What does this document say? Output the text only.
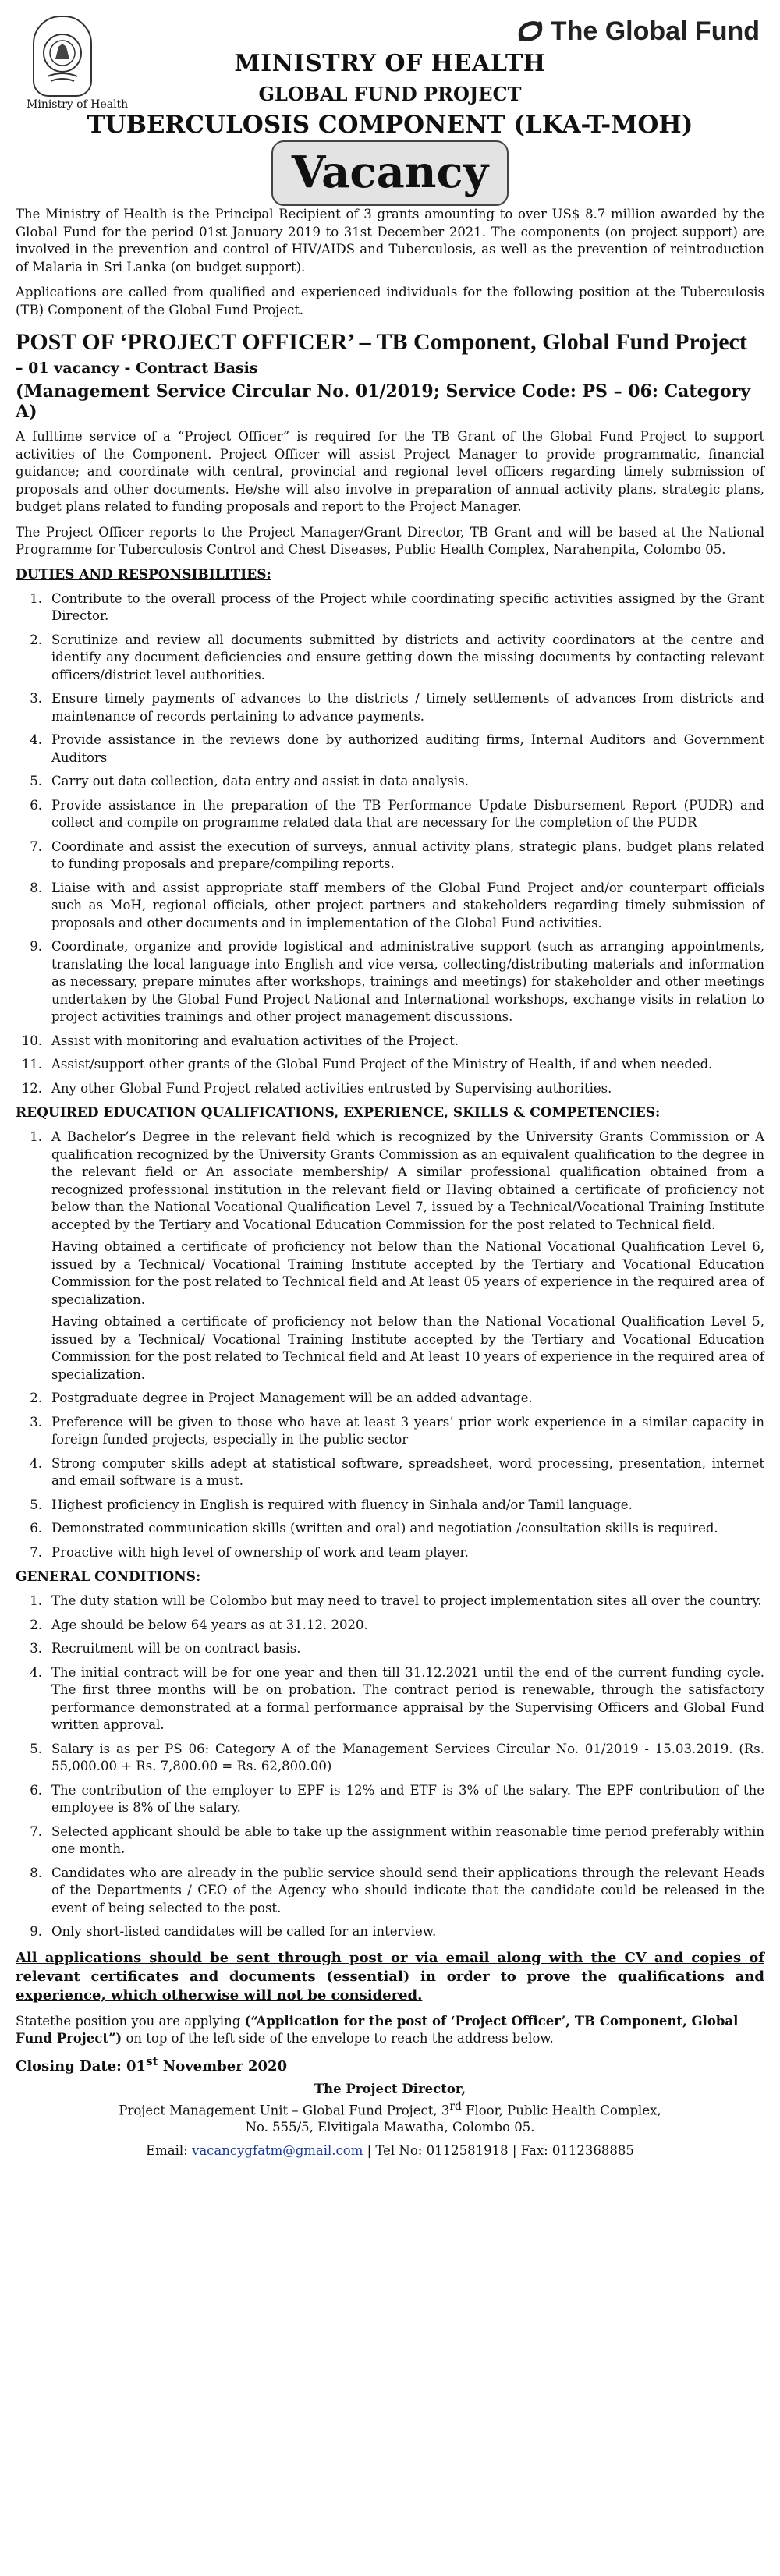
Ministry of Health
The Global Fund
MINISTRY OF HEALTH
GLOBAL FUND PROJECT
TUBERCULOSIS COMPONENT (LKA-T-MOH)
Vacancy

The Ministry of Health is the Principal Recipient of 3 grants amounting to over US$ 8.7 million awarded by the Global Fund for the period 01st January 2019 to 31st December 2021. The components (on project support) are involved in the prevention and control of HIV/AIDS and Tuberculosis, as well as the prevention of reintroduction of Malaria in Sri Lanka (on budget support).

Applications are called from qualified and experienced individuals for the following position at the Tuberculosis (TB) Component of the Global Fund Project.

POST OF ‘PROJECT OFFICER’ – TB Component, Global Fund Project
– 01 vacancy - Contract Basis
(Management Service Circular No. 01/2019; Service Code: PS – 06: Category A)

A fulltime service of a “Project Officer” is required for the TB Grant of the Global Fund Project to support activities of the Component. Project Officer will assist Project Manager to provide programmatic, financial guidance; and coordinate with central, provincial and regional level officers regarding timely submission of proposals and other documents. He/she will also involve in preparation of annual activity plans, strategic plans, budget plans related to funding proposals and report to the Project Manager.

The Project Officer reports to the Project Manager/Grant Director, TB Grant and will be based at the National Programme for Tuberculosis Control and Chest Diseases, Public Health Complex, Narahenpita, Colombo 05.

DUTIES AND RESPONSIBILITIES:
1. Contribute to the overall process of the Project while coordinating specific activities assigned by the Grant Director.
2. Scrutinize and review all documents submitted by districts and activity coordinators at the centre and identify any document deficiencies and ensure getting down the missing documents by contacting relevant officers/district level authorities.
3. Ensure timely payments of advances to the districts / timely settlements of advances from districts and maintenance of records pertaining to advance payments.
4. Provide assistance in the reviews done by authorized auditing firms, Internal Auditors and Government Auditors
5. Carry out data collection, data entry and assist in data analysis.
6. Provide assistance in the preparation of the TB Performance Update Disbursement Report (PUDR) and collect and compile on programme related data that are necessary for the completion of the PUDR
7. Coordinate and assist the execution of surveys, annual activity plans, strategic plans, budget plans related to funding proposals and prepare/compiling reports.
8. Liaise with and assist appropriate staff members of the Global Fund Project and/or counterpart officials such as MoH, regional officials, other project partners and stakeholders regarding timely submission of proposals and other documents and in implementation of the Global Fund activities.
9. Coordinate, organize and provide logistical and administrative support (such as arranging appointments, translating the local language into English and vice versa, collecting/distributing materials and information as necessary, prepare minutes after workshops, trainings and meetings) for stakeholder and other meetings undertaken by the Global Fund Project National and International workshops, exchange visits in relation to project activities trainings and other project management discussions.
10. Assist with monitoring and evaluation activities of the Project.
11. Assist/support other grants of the Global Fund Project of the Ministry of Health, if and when needed.
12. Any other Global Fund Project related activities entrusted by Supervising authorities.
REQUIRED EDUCATION QUALIFICATIONS, EXPERIENCE, SKILLS & COMPETENCIES:
1. A Bachelor’s Degree in the relevant field which is recognized by the University Grants Commission or A qualification recognized by the University Grants Commission as an equivalent qualification to the degree in the relevant field or An associate membership/ A similar professional qualification obtained from a recognized professional institution in the relevant field or Having obtained a certificate of proficiency not below than the National Vocational Qualification Level 7, issued by a Technical/Vocational Training Institute accepted by the Tertiary and Vocational Education Commission for the post related to Technical field.
Having obtained a certificate of proficiency not below than the National Vocational Qualification Level 6, issued by a Technical/ Vocational Training Institute accepted by the Tertiary and Vocational Education Commission for the post related to Technical field and At least 05 years of experience in the required area of specialization.
Having obtained a certificate of proficiency not below than the National Vocational Qualification Level 5, issued by a Technical/ Vocational Training Institute accepted by the Tertiary and Vocational Education Commission for the post related to Technical field and At least 10 years of experience in the required area of specialization.
2. Postgraduate degree in Project Management will be an added advantage.
3. Preference will be given to those who have at least 3 years’ prior work experience in a similar capacity in foreign funded projects, especially in the public sector
4. Strong computer skills adept at statistical software, spreadsheet, word processing, presentation, internet and email software is a must.
5. Highest proficiency in English is required with fluency in Sinhala and/or Tamil language.
6. Demonstrated communication skills (written and oral) and negotiation /consultation skills is required.
7. Proactive with high level of ownership of work and team player.
GENERAL CONDITIONS:
1. The duty station will be Colombo but may need to travel to project implementation sites all over the country.
2. Age should be below 64 years as at 31.12. 2020.
3. Recruitment will be on contract basis.
4. The initial contract will be for one year and then till 31.12.2021 until the end of the current funding cycle. The first three months will be on probation. The contract period is renewable, through the satisfactory performance demonstrated at a formal performance appraisal by the Supervising Officers and Global Fund written approval.
5. Salary is as per PS 06: Category A of the Management Services Circular No. 01/2019 - 15.03.2019. (Rs. 55,000.00 + Rs. 7,800.00 = Rs. 62,800.00)
6. The contribution of the employer to EPF is 12% and ETF is 3% of the salary. The EPF contribution of the employee is 8% of the salary.
7. Selected applicant should be able to take up the assignment within reasonable time period preferably within one month.
8. Candidates who are already in the public service should send their applications through the relevant Heads of the Departments / CEO of the Agency who should indicate that the candidate could be released in the event of being selected to the post.
9. Only short-listed candidates will be called for an interview.
All applications should be sent through post or via email along with the CV and copies of relevant certificates and documents (essential) in order to prove the qualifications and experience, which otherwise will not be considered.
Statethe position you are applying (“Application for the post of ‘Project Officer’, TB Component, Global Fund Project”) on top of the left side of the envelope to reach the address below.
Closing Date: 01st November 2020
The Project Director,
Project Management Unit – Global Fund Project, 3rd Floor, Public Health Complex,
No. 555/5, Elvitigala Mawatha, Colombo 05.
Email: vacancygfatm@gmail.com | Tel No: 0112581918 | Fax: 0112368885
